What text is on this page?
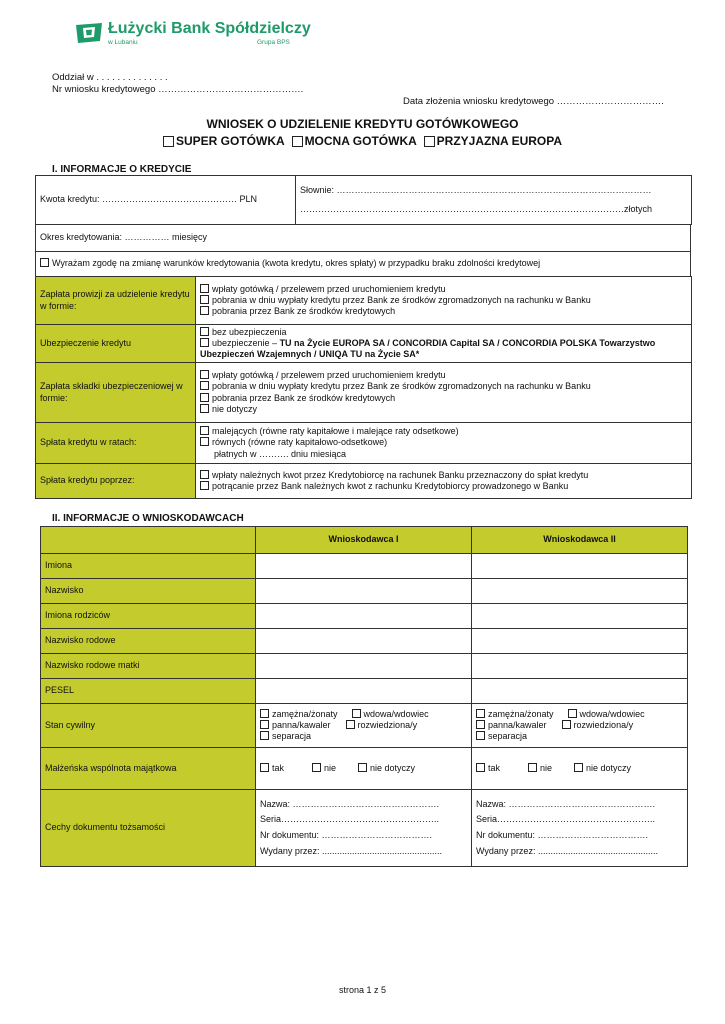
Łużycki Bank Spółdzielczy
w Lubaniu	Grupa BPS
Oddział w . . . . . . . . . . . . . .
Nr wniosku kredytowego ……………………………………….
Data złożenia wniosku kredytowego …………………………….
WNIOSEK O UDZIELENIE KREDYTU GOTÓWKOWEGO
SUPER GOTÓWKA MOCNA GOTÓWKA PRZYJAZNA EUROPA
I. INFORMACJE O KREDYCIE
Kwota kredytu: ……………………………………… PLN	
Słownie: ……………………………………………………………………………………………
………………………………………………………………………………………………złotych
Okres kredytowania: …………… miesięcy
Wyrażam zgodę na zmianę warunków kredytowania (kwota kredytu, okres spłaty) w przypadku braku zdolności kredytowej
Zapłata prowizji za udzielenie kredytu w formie:	wpłaty gotówką / przelewem przed uruchomieniem kredytu
pobrania w dniu wypłaty kredytu przez Bank ze środków zgromadzonych na rachunku w Banku
pobrania przez Bank ze środków kredytowych

Ubezpieczenie kredytu	bez ubezpieczenia
ubezpieczenie – TU na Życie EUROPA SA / CONCORDIA Capital SA / CONCORDIA POLSKA Towarzystwo Ubezpieczeń Wzajemnych / UNIQA TU na Życie SA*

Zapłata składki ubezpieczeniowej w formie:	wpłaty gotówką / przelewem przed uruchomieniem kredytu
pobrania w dniu wypłaty kredytu przez Bank ze środków zgromadzonych na rachunku w Banku
pobrania przez Bank ze środków kredytowych
nie dotyczy

Spłata kredytu w ratach:	malejących (równe raty kapitałowe i malejące raty odsetkowe)
równych (równe raty kapitałowo-odsetkowe)
płatnych w ………. dniu miesiąca

Spłata kredytu poprzez:	wpłaty należnych kwot przez Kredytobiorcę na rachunek Banku przeznaczony do spłat kredytu
potrącanie przez Bank należnych kwot z rachunku Kredytobiorcy prowadzonego w Banku
II. INFORMACJE O WNIOSKODAWCACH
	Wnioskodawca I	Wnioskodawca II
Imiona		
Nazwisko		
Imiona rodziców		
Nazwisko rodowe		
Nazwisko rodowe matki		
PESEL		
Stan cywilny	zamężna/żonaty wdowa/wdowiec
panna/kawaler rozwiedziona/y
separacja	zamężna/żonaty wdowa/wdowiec
panna/kawaler rozwiedziona/y
separacja

Małżeńska wspólnota majątkowa	tak nie nie dotyczy	tak nie nie dotyczy

Cechy dokumentu tożsamości	Nazwa: ………………………………………….
Seria……………………………………………..
Nr dokumentu: ……………………………….
Wydany przez: ................................................	Nazwa: ………………………………………….
Seria……………………………………………..
Nr dokumentu: ……………………………….
Wydany przez: ................................................
strona 1 z 5
